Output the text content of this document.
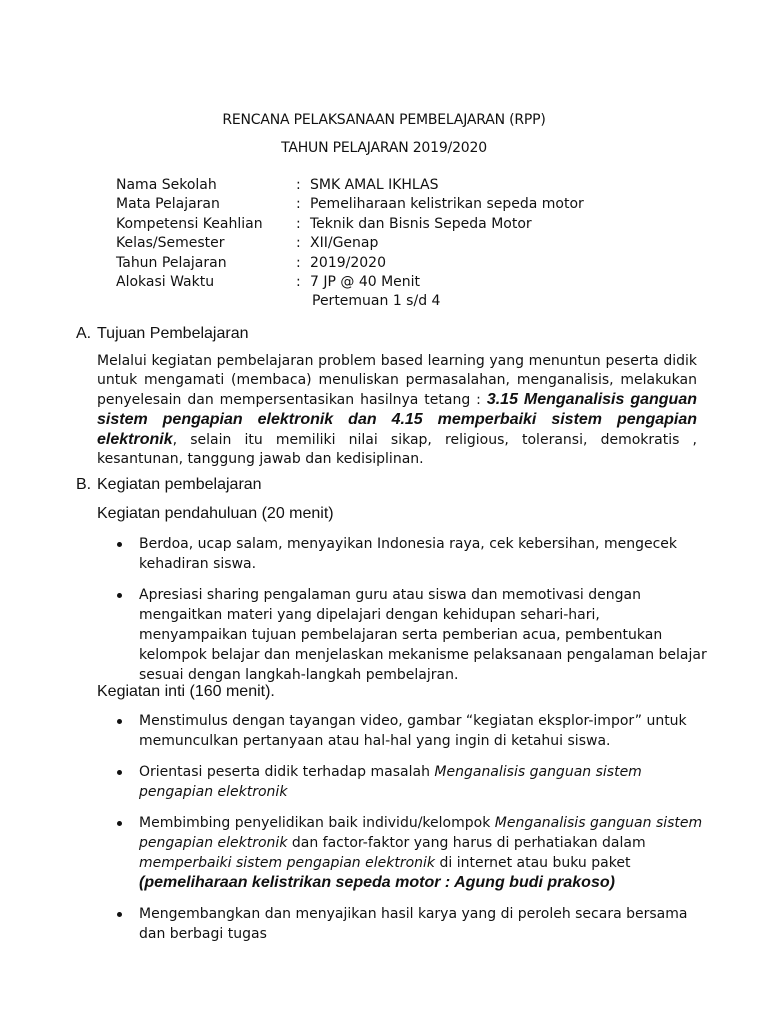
RENCANA PELAKSANAAN PEMBELAJARAN (RPP)
TAHUN PELAJARAN 2019/2020
Nama Sekolah	: SMK AMAL IKHLAS
Mata Pelajaran	: Pemeliharaan kelistrikan sepeda motor
Kompetensi Keahlian	: Teknik dan Bisnis Sepeda Motor
Kelas/Semester	: XII/Genap
Tahun Pelajaran	: 2019/2020
Alokasi Waktu	: 7 JP @ 40 Menit
Pertemuan 1 s/d 4
A. Tujuan Pembelajaran

Melalui kegiatan pembelajaran problem based learning yang menuntun peserta didik untuk mengamati (membaca) menuliskan permasalahan, menganalisis, melakukan penyelesain dan mempersentasikan hasilnya tetang : 3.15 Menganalisis ganguan sistem pengapian elektronik dan 4.15 memperbaiki sistem pengapian elektronik, selain itu memiliki nilai sikap, religious, toleransi, demokratis , kesantunan, tanggung jawab dan kedisiplinan.

B. Kegiatan pembelajaran
Kegiatan pendahuluan (20 menit)
Berdoa, ucap salam, menyayikan Indonesia raya, cek kebersihan, mengecek kehadiran siswa.
Apresiasi sharing pengalaman guru atau siswa dan memotivasi dengan mengaitkan materi yang dipelajari dengan kehidupan sehari-hari, menyampaikan tujuan pembelajaran serta pemberian acua, pembentukan kelompok belajar dan menjelaskan mekanisme pelaksanaan pengalaman belajar sesuai dengan langkah-langkah pembelajran.
Kegiatan inti (160 menit).
Menstimulus dengan tayangan video, gambar “kegiatan eksplor-impor” untuk memunculkan pertanyaan atau hal-hal yang ingin di ketahui siswa.
Orientasi peserta didik terhadap masalah Menganalisis ganguan sistem pengapian elektronik
Membimbing penyelidikan baik individu/kelompok Menganalisis ganguan sistem pengapian elektronik dan factor-faktor yang harus di perhatiakan dalam memperbaiki sistem pengapian elektronik di internet atau buku paket (pemeliharaan kelistrikan sepeda motor : Agung budi prakoso)
Mengembangkan dan menyajikan hasil karya yang di peroleh secara bersama dan berbagi tugas
